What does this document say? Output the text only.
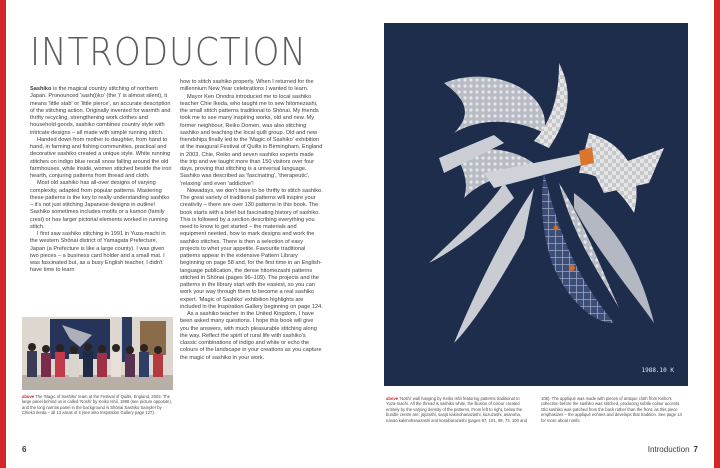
INTRODUCTION

Sashiko is the magical country stitching of northern Japan. Pronounced 'sash(i)ko' (the 'i' is almost silent), it means 'little stab' or 'little pierce', an accurate description of the stitching action. Originally invented for warmth and thrifty recycling, strengthening work clothes and household goods, sashiko combines country style with intricate designs – all made with simple running stitch.

Handed down from mother to daughter, from hand to hand, in farming and fishing communities, practical and decorative sashiko created a unique style. White running stitches on indigo blue recall snow falling around the old farmhouses, while inside, women stitched beside the irori hearth, conjuring patterns from thread and cloth.

Most old sashiko has all-over designs of varying complexity, adapted from popular patterns. Mastering these patterns is the key to really understanding sashiko – it's not just stitching Japanese designs in outline! Sashiko sometimes includes motifs or a kamon (family crest) or has larger pictorial elements worked in running stitch.

I first saw sashiko stitching in 1991 in Yuza-machi in the western Shōnai district of Yamagata Prefecture, Japan (a Prefecture is like a large county). I was given two pieces – a business card holder and a small mat. I was fascinated but, as a busy English teacher, I didn't have time to learn

above The 'Magic of Sashiko' team at the Festival of Quilts, England, 2003. The large panel behind us is called 'Noshi' by Keiko Ishii, 1988 (see picture opposite), and the long narrow panel in the background is Shōnai Sashiko Sampler by Chieko Ikeda – all 13 areas of it (see also Inspiration Gallery page 127).

how to stitch sashiko properly. When I returned for the millennium New Year celebrations I wanted to learn.

Mayor Ken Onodra introduced me to local sashiko teacher Chie Ikeda, who taught me to sew hitomezashi, the small stitch patterns traditional to Shōnai. My friends took me to see many inspiring works, old and new. My former neighbour, Reiko Domen, was also stitching sashiko and teaching the local quilt group. Old and new friendships finally led to the 'Magic of Sashiko' exhibition at the inaugural Festival of Quilts in Birmingham, England in 2003. Chie, Reiko and seven sashiko experts made the trip and we taught more than 150 visitors over four days, proving that stitching is a universal language. Sashiko was described as 'fascinating', 'therapeutic', 'relaxing' and even 'addictive'!

Nowadays, we don't have to be thrifty to stitch sashiko. The great variety of traditional patterns will inspire your creativity – there are over 130 patterns in this book. The book starts with a brief but fascinating history of sashiko. This is followed by a section describing everything you need to know to get started – the materials and equipment needed, how to mark designs and work the sashiko stitches. There is then a selection of easy projects to whet your appetite. Favourite traditional patterns appear in the extensive Pattern Library beginning on page 58 and, for the first time in an English-language publication, the dense hitomezashi patterns stitched in Shōnai (pages 96–109). The projects and the patterns in the library start with the easiest, so you can work your way through them to become a real sashiko expert. 'Magic of Sashiko' exhibition highlights are included in the Inspiration Gallery beginning on page 124.

As a sashiko teacher in the United Kingdom, I have been asked many questions. I hope this book will give you the answers, with much pleasurable stitching along the way. Reflect the spirit of rural life with sashiko's classic combinations of indigo and white or echo the colours of the landscape in your creations as you capture the magic of sashiko in your work.

1988.10 K
above 'Noshi' wall hanging by Keiko Ishii featuring patterns traditional to Yuza-machi. All the thread is sashiko white, the illusion of colour created entirely by the varying density of the patterns. From left to right, below the bundle centre are: jūjizashi, sanjū kakinohanazashi, kuzuzashi, asanoha, nanao kakinohanazashi and koraibarazashi (pages 97, 101, 98, 73, 100 and 106). The appliqué was made with pieces of antique cloth from Keiko's collection before the sashiko was stitched, producing subtle colour accents. Old sashiko was patched from the back rather than the front, as this piece emphasizes – the appliqué echoes and develops that tradition. See page 14 for more about noshi.
6	Introduction 7
